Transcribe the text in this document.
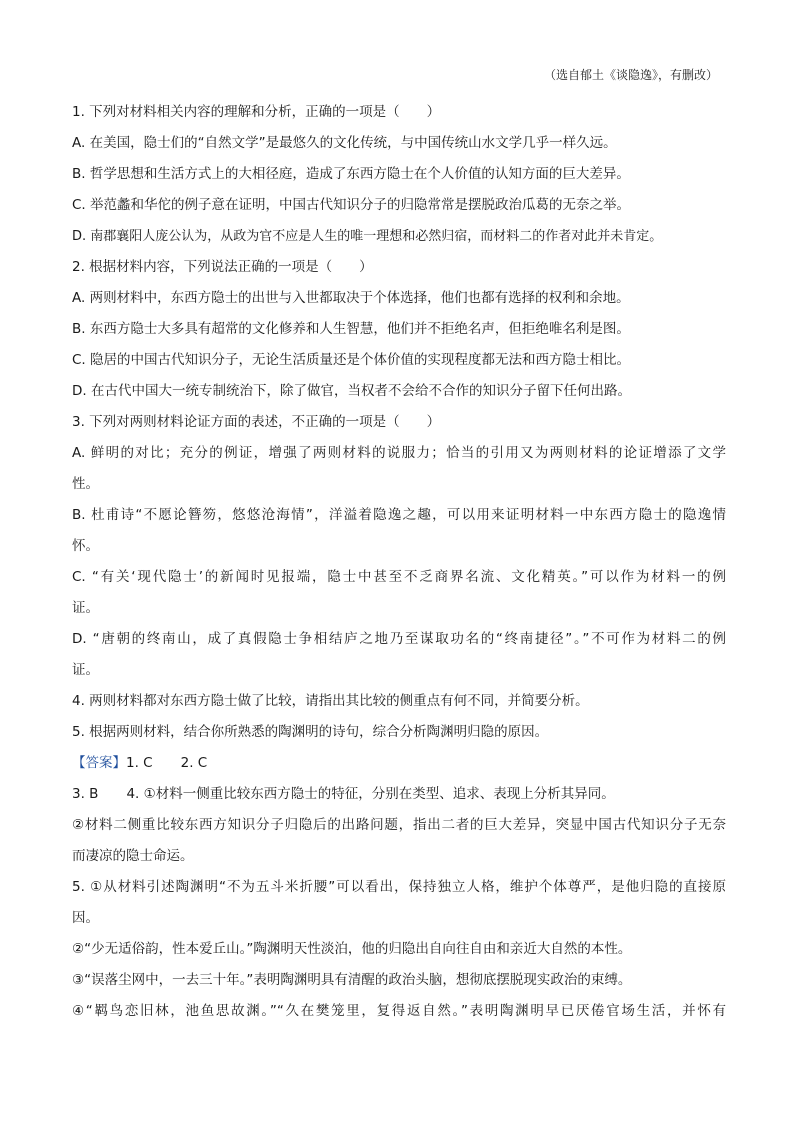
（选自郁土《谈隐逸》，有删改）
1. 下列对材料相关内容的理解和分析，正确的一项是（　　）
A. 在美国，隐士们的“自然文学”是最悠久的文化传统，与中国传统山水文学几乎一样久远。
B. 哲学思想和生活方式上的大相径庭，造成了东西方隐士在个人价值的认知方面的巨大差异。
C. 举范蠡和华佗的例子意在证明，中国古代知识分子的归隐常常是摆脱政治瓜葛的无奈之举。
D. 南郡襄阳人庞公认为，从政为官不应是人生的唯一理想和必然归宿，而材料二的作者对此并未肯定。
2. 根据材料内容，下列说法正确的一项是（　　）
A. 两则材料中，东西方隐士的出世与入世都取决于个体选择，他们也都有选择的权利和余地。
B. 东西方隐士大多具有超常的文化修养和人生智慧，他们并不拒绝名声，但拒绝唯名利是图。
C. 隐居的中国古代知识分子，无论生活质量还是个体价值的实现程度都无法和西方隐士相比。
D. 在古代中国大一统专制统治下，除了做官，当权者不会给不合作的知识分子留下任何出路。
3. 下列对两则材料论证方面的表述，不正确的一项是（　　）
A. 鲜明的对比；充分的例证，增强了两则材料的说服力；恰当的引用又为两则材料的论证增添了文学
性。
B. 杜甫诗“不愿论簪笏，悠悠沧海情”，洋溢着隐逸之趣，可以用来证明材料一中东西方隐士的隐逸情
怀。
C. “有关‘现代隐士’的新闻时见报端，隐士中甚至不乏商界名流、文化精英。”可以作为材料一的例
证。
D. “唐朝的终南山，成了真假隐士争相结庐之地乃至谋取功名的“终南捷径”。”不可作为材料二的例
证。
4. 两则材料都对东西方隐士做了比较，请指出其比较的侧重点有何不同，并简要分析。
5. 根据两则材料，结合你所熟悉的陶渊明的诗句，综合分析陶渊明归隐的原因。
【答案】1. C 2. C
3. B 4. ①材料一侧重比较东西方隐士的特征，分别在类型、追求、表现上分析其异同。
②材料二侧重比较东西方知识分子归隐后的出路问题，指出二者的巨大差异，突显中国古代知识分子无奈
而凄凉的隐士命运。
5. ①从材料引述陶渊明“不为五斗米折腰”可以看出，保持独立人格，维护个体尊严，是他归隐的直接原
因。
②“少无适俗韵，性本爱丘山。”陶渊明天性淡泊，他的归隐出自向往自由和亲近大自然的本性。
③“误落尘网中，一去三十年。”表明陶渊明具有清醒的政治头脑，想彻底摆脱现实政治的束缚。
④“羁鸟恋旧林，池鱼思故渊。”“久在樊笼里，复得返自然。”表明陶渊明早已厌倦官场生活，并怀有
